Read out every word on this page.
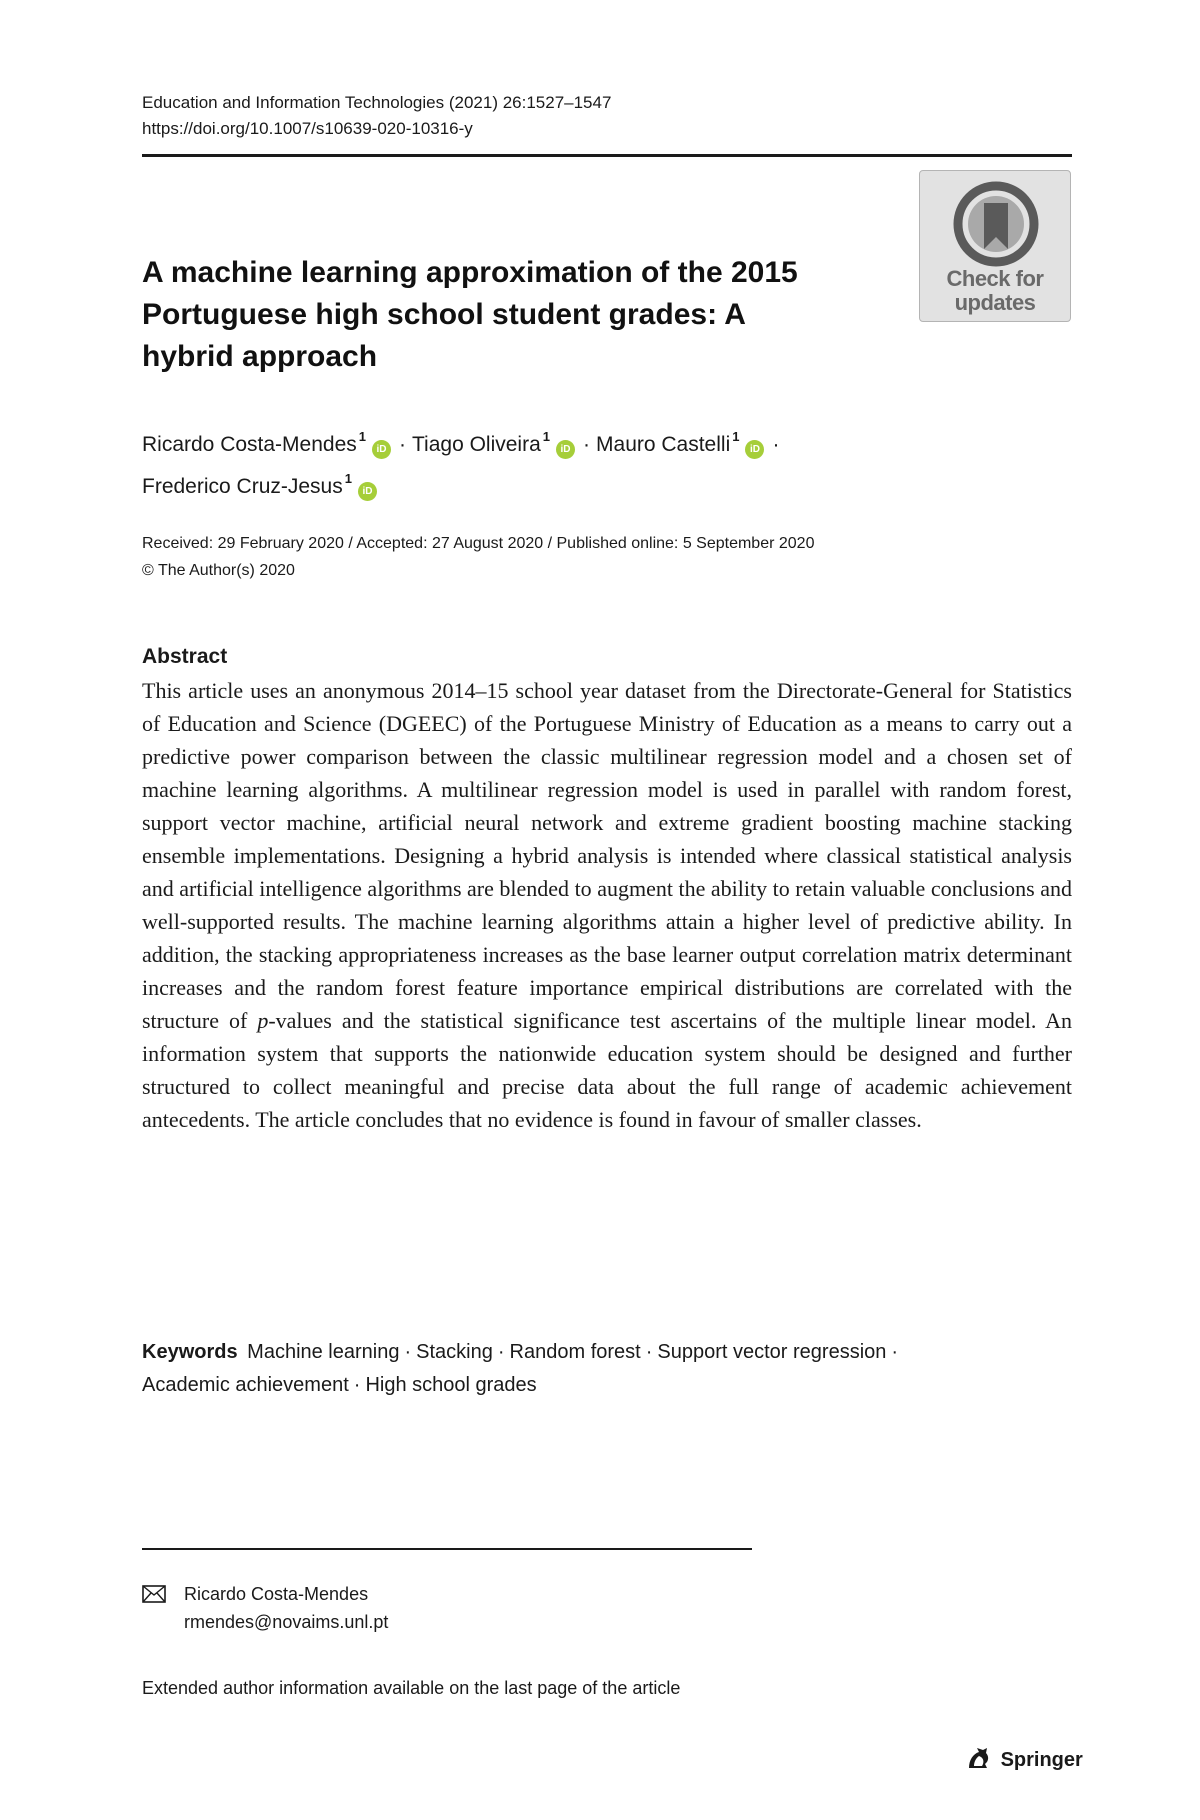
Education and Information Technologies (2021) 26:1527–1547
https://doi.org/10.1007/s10639-020-10316-y
Check for
updates
A machine learning approximation of the 2015 Portuguese high school student grades: A hybrid approach
Ricardo Costa-Mendes $^1$iD · Tiago Oliveira $^1$iD · Mauro Castelli $^1$iD ·
Frederico Cruz-Jesus $^1$iD
Received: 29 February 2020 / Accepted: 27 August 2020 / Published online: 5 September 2020
© The Author(s) 2020
Abstract
This article uses an anonymous 2014–15 school year dataset from the Directorate-General for Statistics of Education and Science (DGEEC) of the Portuguese Ministry of Education as a means to carry out a predictive power comparison between the classic multilinear regression model and a chosen set of machine learning algorithms. A multilinear regression model is used in parallel with random forest, support vector machine, artificial neural network and extreme gradient boosting machine stacking ensemble implementations. Designing a hybrid analysis is intended where classical statistical analysis and artificial intelligence algorithms are blended to augment the ability to retain valuable conclusions and well-supported results. The machine learning algorithms attain a higher level of predictive ability. In addition, the stacking appropriateness increases as the base learner output correlation matrix determinant increases and the random forest feature importance empirical distributions are correlated with the structure of p-values and the statistical significance test ascertains of the multiple linear model. An information system that supports the nationwide education system should be designed and further structured to collect meaningful and precise data about the full range of academic achievement antecedents. The article concludes that no evidence is found in favour of smaller classes.
Keywords Machine learning · Stacking · Random forest · Support vector regression ·
Academic achievement · High school grades
Ricardo Costa-Mendes
rmendes@novaims.unl.pt
Extended author information available on the last page of the article
Springer
